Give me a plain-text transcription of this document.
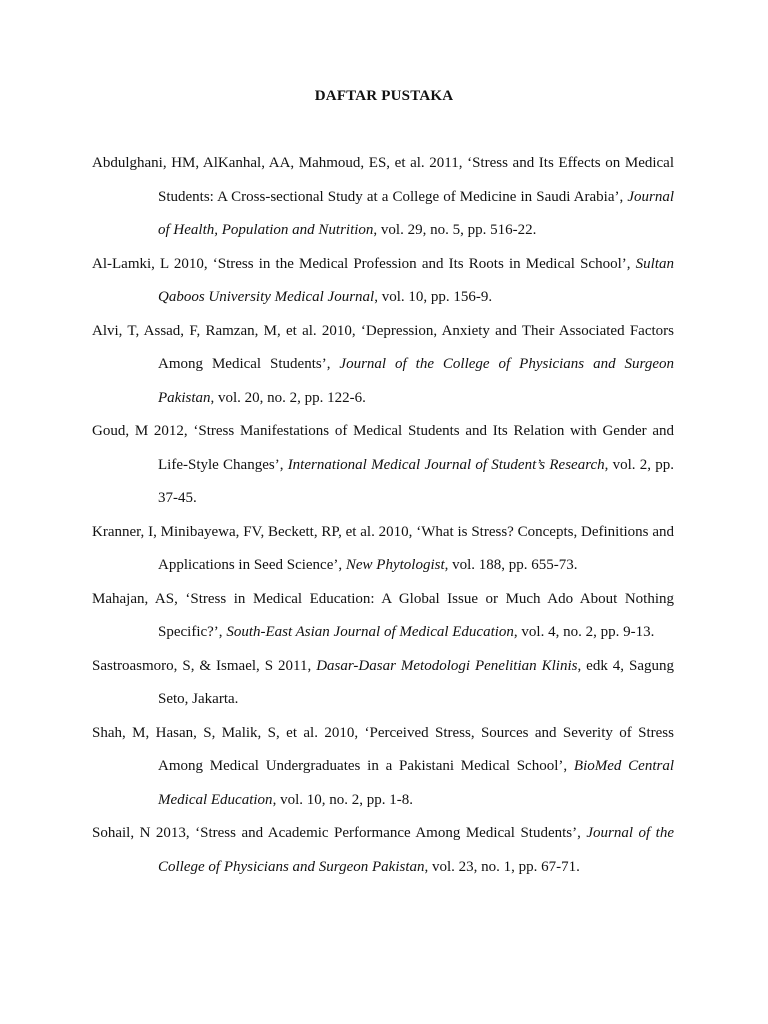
DAFTAR PUSTAKA

Abdulghani, HM, AlKanhal, AA, Mahmoud, ES, et al. 2011, ‘Stress and Its Effects on Medical Students: A Cross-sectional Study at a College of Medicine in Saudi Arabia’, Journal of Health, Population and Nutrition, vol. 29, no. 5, pp. 516-22.

Al-Lamki, L 2010, ‘Stress in the Medical Profession and Its Roots in Medical School’, Sultan Qaboos University Medical Journal, vol. 10, pp. 156-9.

Alvi, T, Assad, F, Ramzan, M, et al. 2010, ‘Depression, Anxiety and Their Associated Factors Among Medical Students’, Journal of the College of Physicians and Surgeon Pakistan, vol. 20, no. 2, pp. 122-6.

Goud, M 2012, ‘Stress Manifestations of Medical Students and Its Relation with Gender and Life-Style Changes’, International Medical Journal of Student’s Research, vol. 2, pp. 37-45.

Kranner, I, Minibayewa, FV, Beckett, RP, et al. 2010, ‘What is Stress? Concepts, Definitions and Applications in Seed Science’, New Phytologist, vol. 188, pp. 655-73.

Mahajan, AS, ‘Stress in Medical Education: A Global Issue or Much Ado About Nothing Specific?’, South-East Asian Journal of Medical Education, vol. 4, no. 2, pp. 9-13.

Sastroasmoro, S, & Ismael, S 2011, Dasar-Dasar Metodologi Penelitian Klinis, edk 4, Sagung Seto, Jakarta.

Shah, M, Hasan, S, Malik, S, et al. 2010, ‘Perceived Stress, Sources and Severity of Stress Among Medical Undergraduates in a Pakistani Medical School’, BioMed Central Medical Education, vol. 10, no. 2, pp. 1-8.

Sohail, N 2013, ‘Stress and Academic Performance Among Medical Students’, Journal of the College of Physicians and Surgeon Pakistan, vol. 23, no. 1, pp. 67-71.
